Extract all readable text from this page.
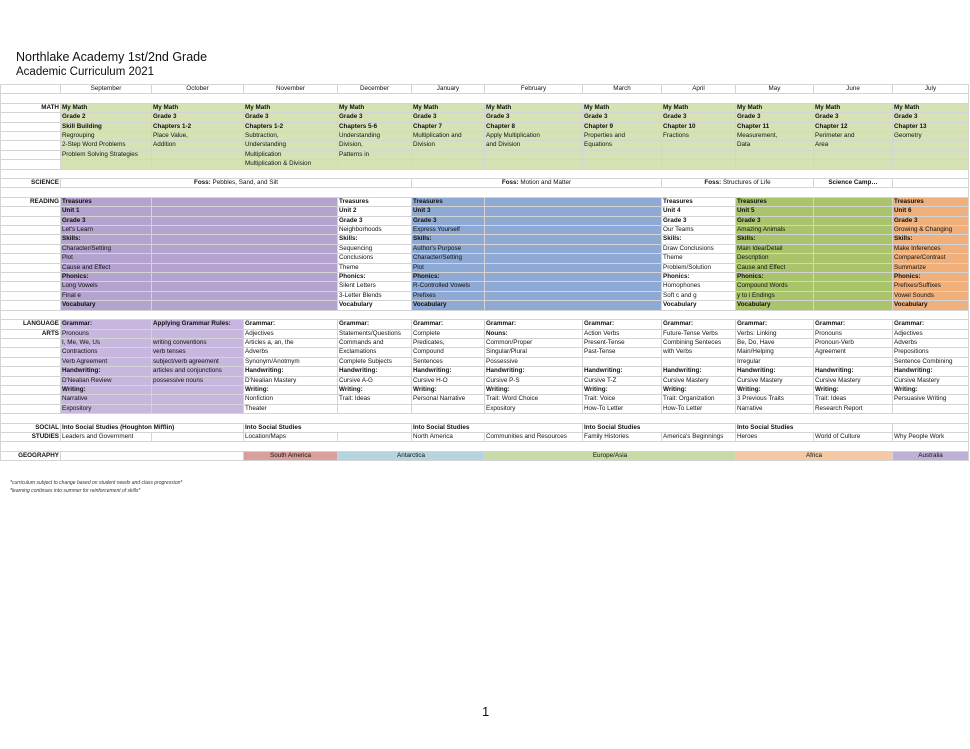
Northlake Academy 1st/2nd Grade
Academic Curriculum 2021
	September	October	November	December	January	February	March	April	May	June	July	

MATH	My Math	My Math	My Math	My Math	My Math	My Math	My Math	My Math	My Math	My Math	My Math	
	Grade 2	Grade 3	Grade 3	Grade 3	Grade 3	Grade 3	Grade 3	Grade 3	Grade 3	Grade 3	Grade 3	
	Skill Building	Chapters 1-2	Chapters 1-2	Chapters 5-6	Chapter 7	Chapter 8	Chapter 9	Chapter 10	Chapter 11	Chapter 12	Chapter 13	
	Regrouping	Place Value,	Subtraction,	Understanding	Multiplication and	Apply Multiplication	Properties and	Fractions	Measurement,	Perimeter and	Geometry	
	2-Step Word Problems	Addition	Understanding	Division,	Division	and Division	Equations		Data	Area		
	Problem Solving Strategies		Multiplication	Patterns in								
			Multiplication & Division									

SCIENCE	Foss: Pebbles, Sand, and Silt				Foss: Motion and Matter			Foss: Structures of Life		Science Camp…		

READING	Treasures			Treasures	Treasures			Treasures	Treasures		Treasures	
	Unit 1			Unit 2	Unit 3			Unit 4	Unit 5		Unit 6	
	Grade 3			Grade 3	Grade 3			Grade 3	Grade 3		Grade 3	
	Let's Learn			Neighborhoods	Express Yourself			Our Teams	Amazing Animals		Growing & Changing	
	Skills:			Skills:	Skills:			Skills:	Skills:		Skills:	
	Character/Setting			Sequencing	Author's Purpose			Draw Conclusions	Main Idea/Detail		Make Inferences	
	Plot			Conclusions	Character/Setting			Theme	Description		Compare/Contrast	
	Cause and Effect			Theme	Plot			Problem/Solution	Cause and Effect		Summarize	
	Phonics:			Phonics:	Phonics:			Phonics:	Phonics:		Phonics:	
	Long Vowels			Silent Letters	R-Controlled Vowels			Homophones	Compound Words		Prefixes/Suffixes	
	Final e			3-Letter Blends	Prefixes			Soft c and g	y to i Endings		Vowel Sounds	
	Vocabulary			Vocabulary	Vocabulary			Vocabulary	Vocabulary		Vocabulary	

LANGUAGE	Grammar:	Applying Grammar Rules:	Grammar:	Grammar:	Grammar:	Grammar:	Grammar:	Grammar:	Grammar:	Grammar:	Grammar:	
ARTS	Pronouns		Adjectives	Statements/Questions	Complete	Nouns:	Action Verbs	Future-Tense Verbs	Verbs: Linking	Pronouns	Adjectives	
	I, Me, We, Us	writing conventions	Articles a, an, the	Commands and	Predicates,	Common/Proper	Present-Tense	Combining Senteces	Be, Do, Have	Pronoun-Verb	Adverbs	
	Contractions	verb tenses	Adverbs	Exclamations	Compound	Singular/Plural	Past-Tense	with Verbs	Main/Helping	Agreement	Prepositions	
	Verb Agreement	subject/verb agreement	Synonym/Anotmym	Complete Subjects	Sentences	Possessive			Irregular		Sentence Combining	
	Handwriting:	articles and conjunctions	Handwriting:	Handwriting:	Handwriting:	Handwriting:	Handwriting:	Handwriting:	Handwriting:	Handwriting:	Handwriting:	
	D'Nealian Review	possessive nouns	D'Nealian Mastery	Cursive A-G	Cursive H-O	Cursive P-S	Cursive T-Z	Cursive Mastery	Cursive Mastery	Cursive Mastery	Cursive Mastery	
	Writing:		Writing:	Writing:	Writing:	Writing:	Writing:	Writing:	Writing:	Writing:	Writing:	
	Narrative		Nonfiction	Trait: Ideas	Personal Narrative	Trait: Word Choice	Trait: Voice	Trait: Organization	3 Previous Traits	Trait: Ideas	Persuasive Writing	
	Expository		Theater			Expository	How-To Letter	How-To Letter	Narrative	Research Report		

SOCIAL	Into Social Studies (Houghton Mifflin)		Into Social Studies		Into Social Studies		Into Social Studies		Into Social Studies			
STUDIES	Leaders and Government		Location/Maps		North America	Communities and Resources	Family Histories	America's Beginnings	Heroes	World of Culture	Why People Work	

GEOGRAPHY			South America	Antarctica		Europe/Asia			Africa		Australia	
*curriculum subject to change based on student needs and class progression*
*learning continues into summer for reinforcement of skills*
1
